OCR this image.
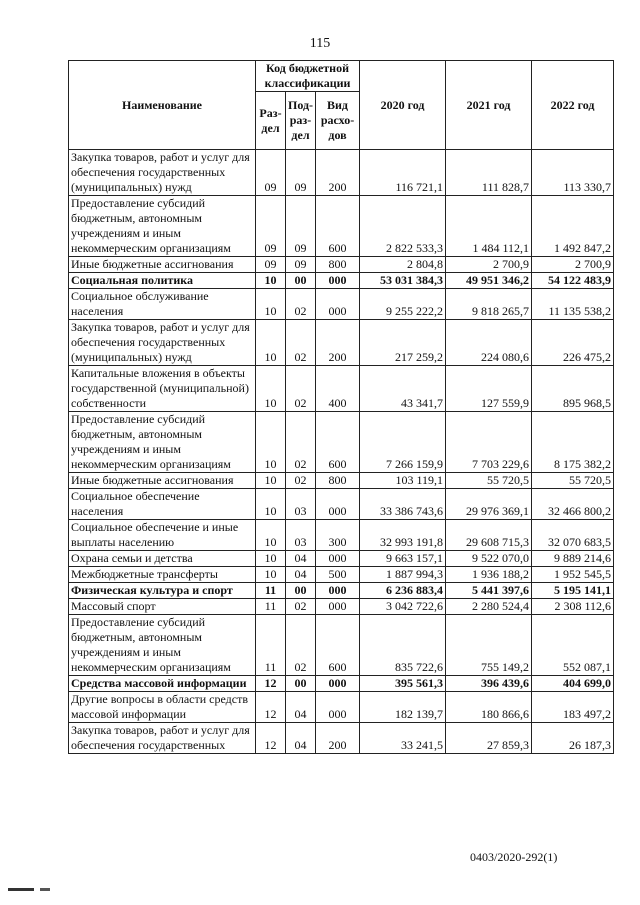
115
Наименование	Код бюджетной классификации			2020 год	2021 год	2022 год
	Раз-дел	Под-раз-дел	Вид расхо-дов			
Закупка товаров, работ и услуг для обеспечения государственных (муниципальных) нужд	09	09	200	116 721,1	111 828,7	113 330,7
Предоставление субсидий бюджетным, автономным учреждениям и иным некоммерческим организациям	09	09	600	2 822 533,3	1 484 112,1	1 492 847,2
Иные бюджетные ассигнования	09	09	800	2 804,8	2 700,9	2 700,9
Социальная политика	10	00	000	53 031 384,3	49 951 346,2	54 122 483,9
Социальное обслуживание населения	10	02	000	9 255 222,2	9 818 265,7	11 135 538,2
Закупка товаров, работ и услуг для обеспечения государственных (муниципальных) нужд	10	02	200	217 259,2	224 080,6	226 475,2
Капитальные вложения в объекты государственной (муниципальной) собственности	10	02	400	43 341,7	127 559,9	895 968,5
Предоставление субсидий бюджетным, автономным учреждениям и иным некоммерческим организациям	10	02	600	7 266 159,9	7 703 229,6	8 175 382,2
Иные бюджетные ассигнования	10	02	800	103 119,1	55 720,5	55 720,5
Социальное обеспечение населения	10	03	000	33 386 743,6	29 976 369,1	32 466 800,2
Социальное обеспечение и иные выплаты населению	10	03	300	32 993 191,8	29 608 715,3	32 070 683,5
Охрана семьи и детства	10	04	000	9 663 157,1	9 522 070,0	9 889 214,6
Межбюджетные трансферты	10	04	500	1 887 994,3	1 936 188,2	1 952 545,5
Физическая культура и спорт	11	00	000	6 236 883,4	5 441 397,6	5 195 141,1
Массовый спорт	11	02	000	3 042 722,6	2 280 524,4	2 308 112,6
Предоставление субсидий бюджетным, автономным учреждениям и иным некоммерческим организациям	11	02	600	835 722,6	755 149,2	552 087,1
Средства массовой информации	12	00	000	395 561,3	396 439,6	404 699,0
Другие вопросы в области средств массовой информации	12	04	000	182 139,7	180 866,6	183 497,2
Закупка товаров, работ и услуг для обеспечения государственных	12	04	200	33 241,5	27 859,3	26 187,3
0403/2020-292(1)
